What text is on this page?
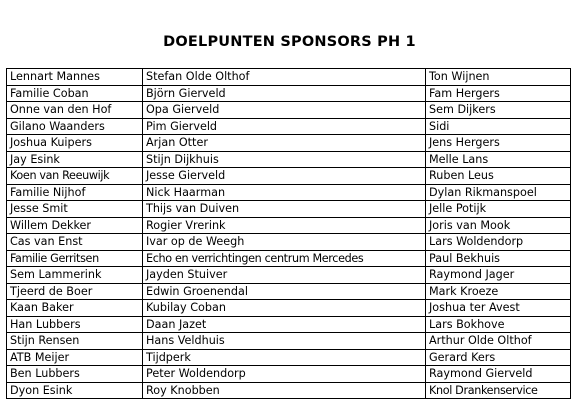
DOELPUNTEN SPONSORS PH 1
Lennart Mannes	Stefan Olde Olthof	Ton Wijnen
Familie Coban	Björn Gierveld	Fam Hergers
Onne van den Hof	Opa Gierveld	Sem Dijkers
Gilano Waanders	Pim Gierveld	Sidi
Joshua Kuipers	Arjan Otter	Jens Hergers
Jay Esink	Stijn Dijkhuis	Melle Lans
Koen van Reeuwijk	Jesse Gierveld	Ruben Leus
Familie Nijhof	Nick Haarman	Dylan Rikmanspoel
Jesse Smit	Thijs van Duiven	Jelle Potijk
Willem Dekker	Rogier Vrerink	Joris van Mook
Cas van Enst	Ivar op de Weegh	Lars Woldendorp
Familie Gerritsen	Echo en verrichtingen centrum Mercedes	Paul Bekhuis
Sem Lammerink	Jayden Stuiver	Raymond Jager
Tjeerd de Boer	Edwin Groenendal	Mark Kroeze
Kaan Baker	Kubilay Coban	Joshua ter Avest
Han Lubbers	Daan Jazet	Lars Bokhove
Stijn Rensen	Hans Veldhuis	Arthur Olde Olthof
ATB Meijer	Tijdperk	Gerard Kers
Ben Lubbers	Peter Woldendorp	Raymond Gierveld
Dyon Esink	Roy Knobben	Knol Drankenservice
